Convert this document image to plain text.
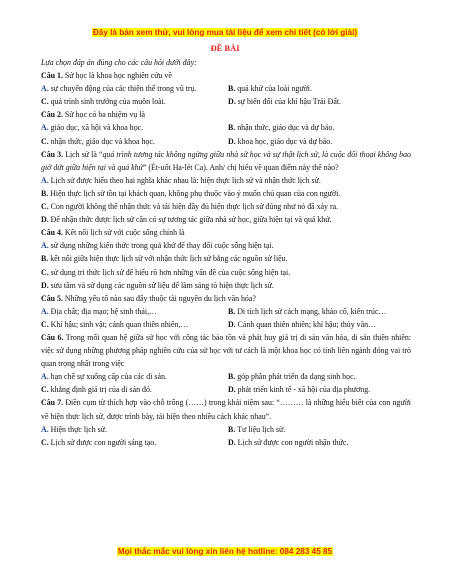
Đây là bản xem thử, vui lòng mua tài liệu để xem chi tiết (có lời giải)
ĐỀ BÀI
Lựa chọn đáp án đúng cho các câu hỏi dưới đây:
Câu 1. Sử học là khoa học nghiên cứu về
A. sự chuyển động của các thiên thể trong vũ trụ.	B. quá khứ của loài người.
C. quá trình sinh trưởng của muôn loài.	D. sự biến đổi của khí hậu Trái Đất.
Câu 2. Sử học có ba nhiệm vụ là
A. giáo dục, xã hội và khoa học.	B. nhận thức, giáo dục và dự báo.
C. nhận thức, giáo dục và khoa học.	D. khoa học, giáo dục và dự báo.
Câu 3. Lịch sử là “quá trình tương tác không ngừng giữa nhà sử học và sự thật lịch sử, là cuộc đối thoại không bao giờ dứt giữa hiện tại và quá khứ” (Ét-uốt Ha-lét Ca). Anh/ chị hiểu về quan điểm này thế nào?
A. Lịch sử được hiểu theo hai nghĩa khác nhau là: hiện thực lịch sử và nhận thức lịch sử.
B. Hiện thực lịch sử tồn tại khách quan, không phụ thuộc vào ý muốn chủ quan của con người.
C. Con người không thể nhận thức và tái hiện đầy đủ hiện thực lịch sử đúng như nó đã xảy ra.
D. Để nhận thức được lịch sử cần có sự tương tác giữa nhà sử học, giữa hiện tại và quá khứ.
Câu 4. Kết nối lịch sử với cuộc sống chính là
A. sử dụng những kiến thức trong quá khứ để thay đổi cuộc sống hiện tại.
B. kết nối giữa hiện thực lịch sử với nhận thức lịch sử bằng các nguồn sử liệu.
C. sử dụng tri thức lịch sử để hiểu rõ hơn những vấn đề của cuộc sống hiện tại.
D. sưu tầm và sử dụng các nguồn sử liệu để làm sáng tỏ hiện thực lịch sử.
Câu 5. Những yếu tố nào sau đây thuộc tài nguyên du lịch văn hóa?
A. Địa chất; địa mạo; hệ sinh thái,…	B. Di tích lịch sử cách mạng, khảo cổ, kiến trúc…
C. Khí hậu; sinh vật; cảnh quan thiên nhiên,…	D. Cảnh quan thiên nhiên; khí hậu; thủy văn…
Câu 6. Trong mối quan hệ giữa sử học với công tác bảo tồn và phát huy giá trị di sản văn hóa, di sản thiên nhiên: việc sử dụng những phương pháp nghiên cứu của sử học với tư cách là một khoa học có tính liên ngành đóng vai trò quan trọng nhất trong việc
A. hạn chế sự xuống cấp của các di sản.	B. góp phần phát triển đa dạng sinh học.
C. khẳng định giá trị của di sản đó.	D. phát triển kinh tế - xã hội của địa phương.
Câu 7. Điền cụm từ thích hợp vào chỗ trống (……) trong khái niệm sau: “……… là những hiểu biết của con người về hiện thực lịch sử, được trình bày, tái hiện theo nhiều cách khác nhau”.
A. Hiện thực lịch sử.	B. Tư liệu lịch sử.
C. Lịch sử được con người sáng tạo.	D. Lịch sử được con người nhận thức.
Mọi thắc mắc vui lòng xin liên hệ hotline: 084 283 45 85
